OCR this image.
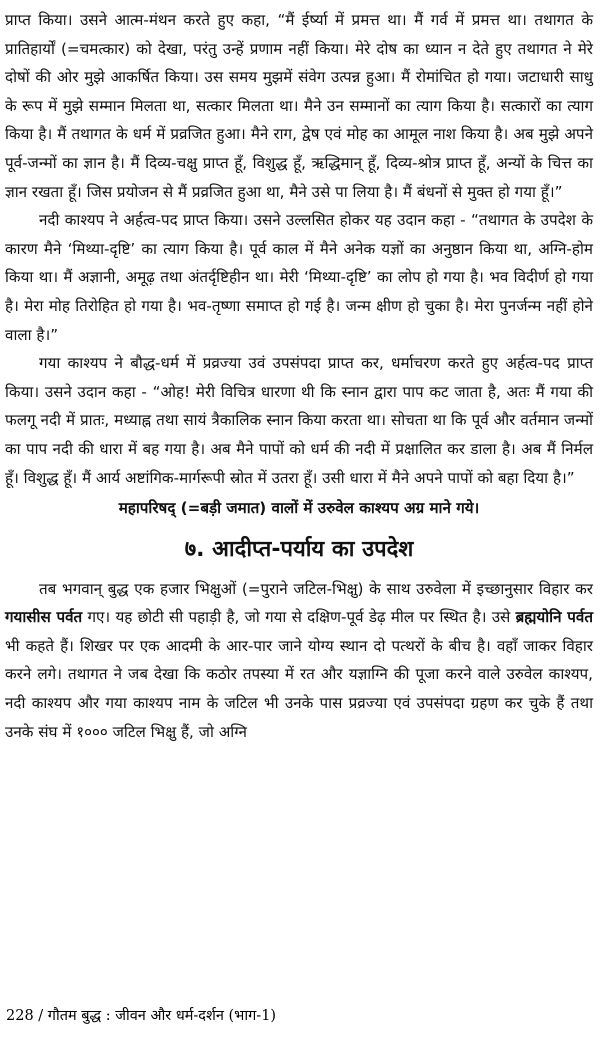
प्राप्त किया। उसने आत्म-मंथन करते हुए कहा, “मैं ईर्ष्या में प्रमत्त था। मैं गर्व में प्रमत्त था। तथागत के प्रातिहार्यों (=चमत्कार) को देखा, परंतु उन्हें प्रणाम नहीं किया। मेरे दोष का ध्यान न देते हुए तथागत ने मेरे दोषों की ओर मुझे आकर्षित किया। उस समय मुझमें संवेग उत्पन्न हुआ। मैं रोमांचित हो गया। जटाधारी साधु के रूप में मुझे सम्मान मिलता था, सत्कार मिलता था। मैने उन सम्मानों का त्याग किया है। सत्कारों का त्याग किया है। मैं तथागत के धर्म में प्रव्रजित हुआ। मैने राग, द्वेष एवं मोह का आमूल नाश किया है। अब मुझे अपने पूर्व-जन्मों का ज्ञान है। मैं दिव्य-चक्षु प्राप्त हूँ, विशुद्ध हूँ, ऋद्धिमान् हूँ, दिव्य-श्रोत्र प्राप्त हूँ, अन्यों के चित्त का ज्ञान रखता हूँ। जिस प्रयोजन से मैं प्रव्रजित हुआ था, मैने उसे पा लिया है। मैं बंधनों से मुक्त हो गया हूँ।”

नदी काश्यप ने अर्हत्व-पद प्राप्त किया। उसने उल्लसित होकर यह उदान कहा - “तथागत के उपदेश के कारण मैने ‘मिथ्या-दृष्टि’ का त्याग किया है। पूर्व काल में मैने अनेक यज्ञों का अनुष्ठान किया था, अग्नि-होम किया था। मैं अज्ञानी, अमूढ़ तथा अंतर्दृष्टिहीन था। मेरी ‘मिथ्या-दृष्टि’ का लोप हो गया है। भव विदीर्ण हो गया है। मेरा मोह तिरोहित हो गया है। भव-तृष्णा समाप्त हो गई है। जन्म क्षीण हो चुका है। मेरा पुनर्जन्म नहीं होने वाला है।”

गया काश्यप ने बौद्ध-धर्म में प्रव्रज्या उवं उपसंपदा प्राप्त कर, धर्माचरण करते हुए अर्हत्व-पद प्राप्त किया। उसने उदान कहा - “ओह! मेरी विचित्र धारणा थी कि स्नान द्वारा पाप कट जाता है, अतः मैं गया की फलगू नदी में प्रातः, मध्याह्न तथा सायं त्रैकालिक स्नान किया करता था। सोचता था कि पूर्व और वर्तमान जन्मों का पाप नदी की धारा में बह गया है। अब मैने पापों को धर्म की नदी में प्रक्षालित कर डाला है। अब मैं निर्मल हूँ। विशुद्ध हूँ। मैं आर्य अष्टांगिक-मार्गरूपी स्रोत में उतरा हूँ। उसी धारा में मैने अपने पापों को बहा दिया है।”

महापरिषद् (=बड़ी जमात) वालों में उरुवेल काश्यप अग्र माने गये।

७. आदीप्त-पर्याय का उपदेश

तब भगवान् बुद्ध एक हजार भिक्षुओं (=पुराने जटिल-भिक्षु) के साथ उरुवेला में इच्छानुसार विहार कर गयासीस पर्वत गए। यह छोटी सी पहाड़ी है, जो गया से दक्षिण-पूर्व डेढ़ मील पर स्थित है। उसे ब्रह्मयोनि पर्वत भी कहते हैं। शिखर पर एक आदमी के आर-पार जाने योग्य स्थान दो पत्थरों के बीच है। वहाँ जाकर विहार करने लगे। तथागत ने जब देखा कि कठोर तपस्या में रत और यज्ञाग्नि की पूजा करने वाले उरुवेल काश्यप, नदी काश्यप और गया काश्यप नाम के जटिल भी उनके पास प्रव्रज्या एवं उपसंपदा ग्रहण कर चुके हैं तथा उनके संघ में १००० जटिल भिक्षु हैं, जो अग्नि

228 / गौतम बुद्ध : जीवन और धर्म-दर्शन (भाग-1)
